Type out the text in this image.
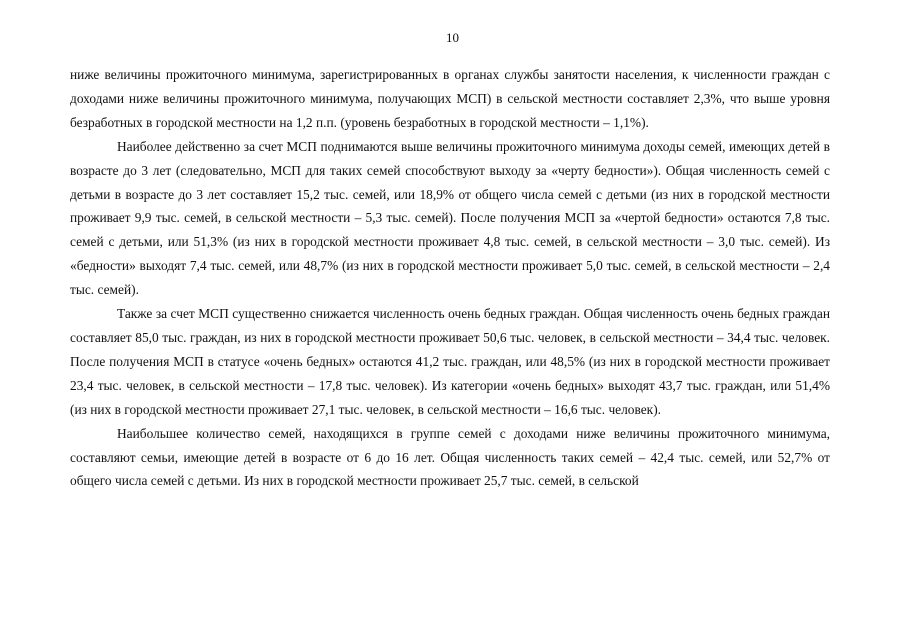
10

ниже величины прожиточного минимума, зарегистрированных в органах службы занятости населения, к численности граждан с доходами ниже величины прожиточного минимума, получающих МСП) в сельской местности составляет 2,3%, что выше уровня безработных в городской местности на 1,2 п.п. (уровень безработных в городской местности – 1,1%).

Наиболее действенно за счет МСП поднимаются выше величины прожиточного минимума доходы семей, имеющих детей в возрасте до 3 лет (следовательно, МСП для таких семей способствуют выходу за «черту бедности»). Общая численность семей с детьми в возрасте до 3 лет составляет 15,2 тыс. семей, или 18,9% от общего числа семей с детьми (из них в городской местности проживает 9,9 тыс. семей, в сельской местности – 5,3 тыс. семей). После получения МСП за «чертой бедности» остаются 7,8 тыс. семей с детьми, или 51,3% (из них в городской местности проживает 4,8 тыс. семей, в сельской местности – 3,0 тыс. семей). Из «бедности» выходят 7,4 тыс. семей, или 48,7% (из них в городской местности проживает 5,0 тыс. семей, в сельской местности – 2,4 тыс. семей).

Также за счет МСП существенно снижается численность очень бедных граждан. Общая численность очень бедных граждан составляет 85,0 тыс. граждан, из них в городской местности проживает 50,6 тыс. человек, в сельской местности – 34,4 тыс. человек. После получения МСП в статусе «очень бедных» остаются 41,2 тыс. граждан, или 48,5% (из них в городской местности проживает 23,4 тыс. человек, в сельской местности – 17,8 тыс. человек). Из категории «очень бедных» выходят 43,7 тыс. граждан, или 51,4% (из них в городской местности проживает 27,1 тыс. человек, в сельской местности – 16,6 тыс. человек).

Наибольшее количество семей, находящихся в группе семей с доходами ниже величины прожиточного минимума, составляют семьи, имеющие детей в возрасте от 6 до 16 лет. Общая численность таких семей – 42,4 тыс. семей, или 52,7% от общего числа семей с детьми. Из них в городской местности проживает 25,7 тыс. семей, в сельской
